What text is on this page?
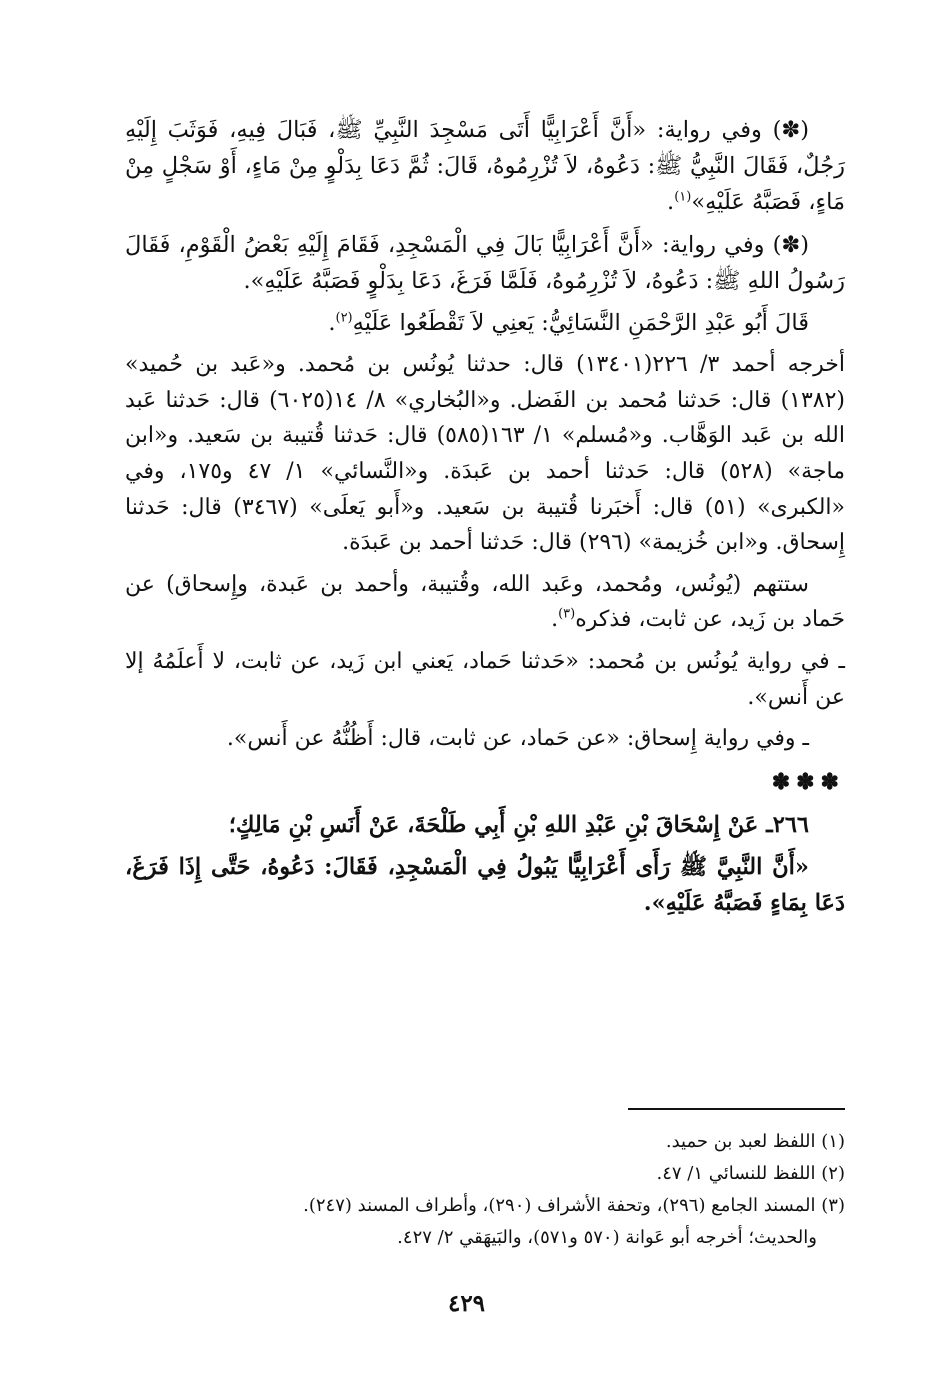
(✽) وفي رواية: «أَنَّ أَعْرَابِيًّا أَتَى مَسْجِدَ النَّبِيِّ ﷺ، فَبَالَ فِيهِ، فَوَثَبَ إِلَيْهِ رَجُلٌ، فَقَالَ النَّبِيُّ ﷺ: دَعُوهُ، لاَ تُزْرِمُوهُ، قَالَ: ثُمَّ دَعَا بِدَلْوٍ مِنْ مَاءٍ، أَوْ سَجْلٍ مِنْ مَاءٍ، فَصَبَّهُ عَلَيْهِ»$^{(١)}$.

(✽) وفي رواية: «أَنَّ أَعْرَابِيًّا بَالَ فِي الْمَسْجِدِ، فَقَامَ إِلَيْهِ بَعْضُ الْقَوْمِ، فَقَالَ رَسُولُ اللهِ ﷺ: دَعُوهُ، لاَ تُزْرِمُوهُ، فَلَمَّا فَرَغَ، دَعَا بِدَلْوٍ فَصَبَّهُ عَلَيْهِ».

قَالَ أَبُو عَبْدِ الرَّحْمَنِ النَّسَائِيُّ: يَعنِي لاَ تَقْطَعُوا عَلَيْهِ$^{(٢)}$.

أخرجه أحمد ٣/ ٢٢٦(١٣٤٠١) قال: حدثنا يُونُس بن مُحمد. و«عَبد بن حُميد» (١٣٨٢) قال: حَدثنا مُحمد بن الفَضل. و«البُخاري» ٨/ ١٤(٦٠٢٥) قال: حَدثنا عَبد الله بن عَبد الوَهَّاب. و«مُسلم» ١/ ١٦٣(٥٨٥) قال: حَدثنا قُتيبة بن سَعيد. و«ابن ماجة» (٥٢٨) قال: حَدثنا أحمد بن عَبدَة. و«النَّسائي» ١/ ٤٧ و١٧٥، وفي «الكبرى» (٥١) قال: أَخبَرنا قُتيبة بن سَعيد. و«أَبو يَعلَى» (٣٤٦٧) قال: حَدثنا إِسحاق. و«ابن خُزيمة» (٢٩٦) قال: حَدثنا أحمد بن عَبدَة.

ستتهم (يُونُس، ومُحمد، وعَبد الله، وقُتيبة، وأحمد بن عَبدة، وإِسحاق) عن حَماد بن زَيد، عن ثابت، فذكره$^{(٣)}$.

ـ في رواية يُونُس بن مُحمد: «حَدثنا حَماد، يَعني ابن زَيد، عن ثابت، لا أَعلَمُهُ إلا عن أَنس».

ـ وفي رواية إِسحاق: «عن حَماد، عن ثابت، قال: أَظُنُّهُ عن أَنس».

✽✽✽

٢٦٦ـ عَنْ إِسْحَاقَ بْنِ عَبْدِ اللهِ بْنِ أَبِي طَلْحَةَ، عَنْ أَنَسِ بْنِ مَالِكٍ؛

«أَنَّ النَّبِيَّ ﷺ رَأَى أَعْرَابِيًّا يَبُولُ فِي الْمَسْجِدِ، فَقَالَ: دَعُوهُ، حَتَّى إِذَا فَرَغَ، دَعَا بِمَاءٍ فَصَبَّهُ عَلَيْهِ».

(١) اللفظ لعبد بن حميد.

(٢) اللفظ للنسائي ١/ ٤٧.

(٣) المسند الجامع (٢٩٦)، وتحفة الأشراف (٢٩٠)، وأطراف المسند (٢٤٧).

والحديث؛ أخرجه أبو عَوانة (٥٧٠ و٥٧١)، والبَيهَقي ٢/ ٤٢٧.

٤٢٩
